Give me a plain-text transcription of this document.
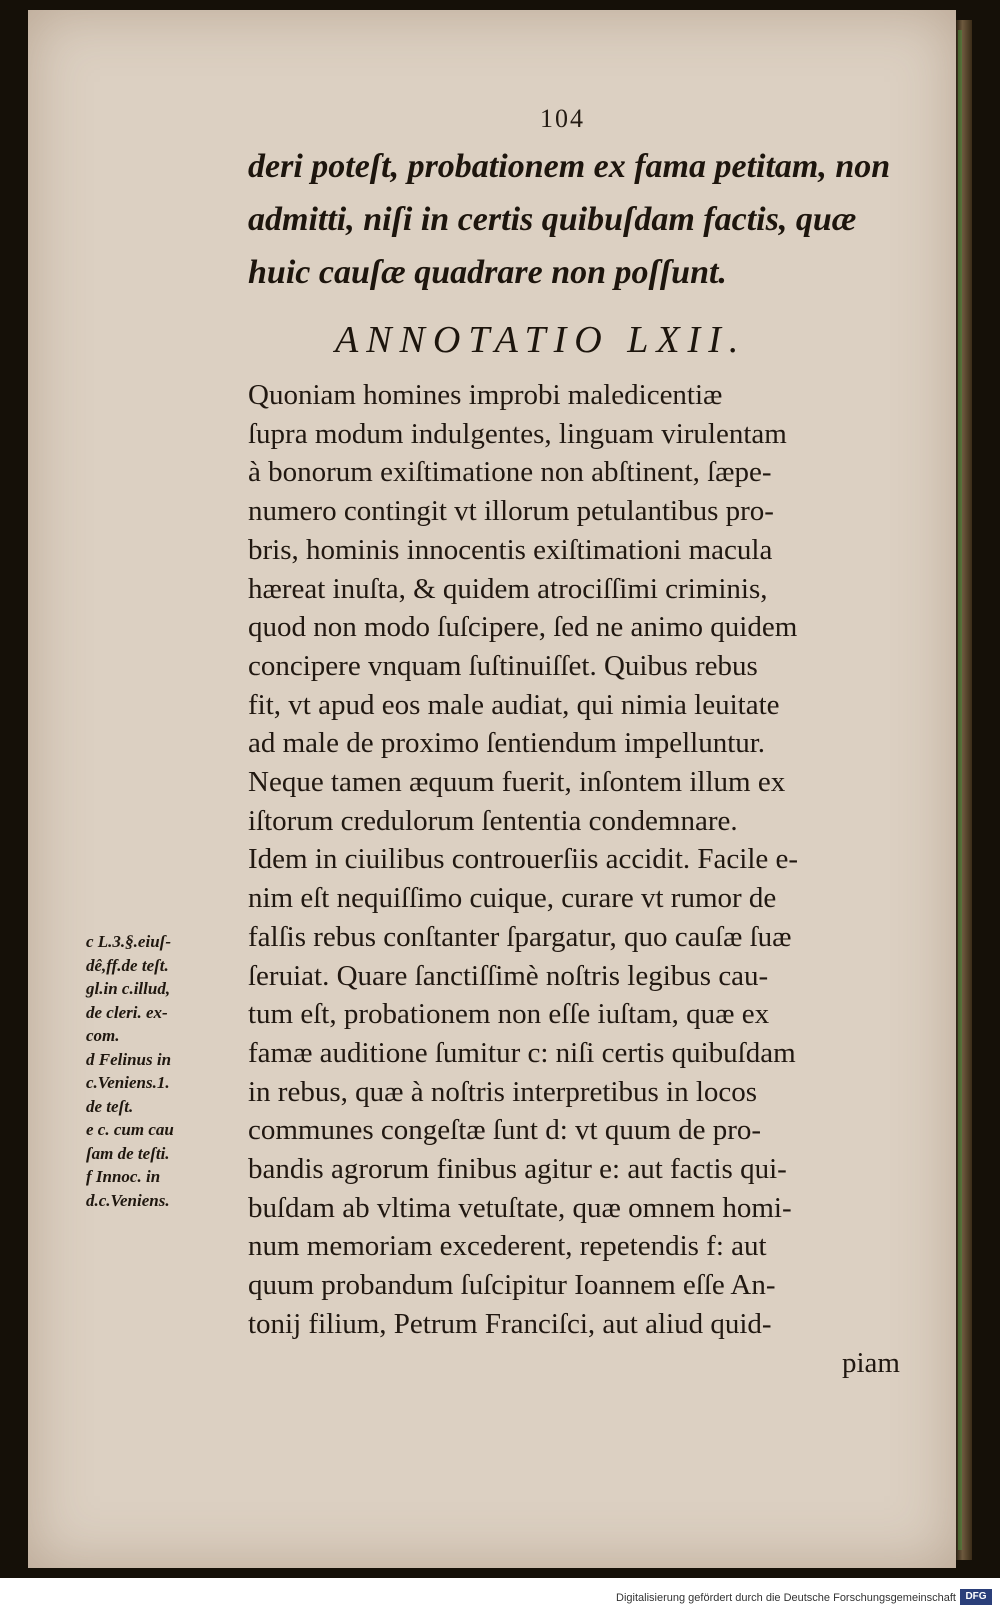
104
deri poteſt, probationem ex fama petitam, non
admitti, niſi in certis quibuſdam factis, quæ
huic cauſæ quadrare non poſſunt.
ANNOTATIO LXII.
Quoniam homines improbi maledicentiæ
ſupra modum indulgentes, linguam virulentam
à bonorum exiſtimatione non abſtinent, ſæpe-
numero contingit vt illorum petulantibus pro-
bris, hominis innocentis exiſtimationi macula
hæreat inuſta, & quidem atrociſſimi criminis,
quod non modo ſuſcipere, ſed ne animo quidem
concipere vnquam ſuſtinuiſſet. Quibus rebus
fit, vt apud eos male audiat, qui nimia leuitate
ad male de proximo ſentiendum impelluntur.
Neque tamen æquum fuerit, inſontem illum ex
iſtorum credulorum ſententia condemnare.
Idem in ciuilibus controuerſiis accidit. Facile e-
nim eſt nequiſſimo cuique, curare vt rumor de
falſis rebus conſtanter ſpargatur, quo cauſæ ſuæ
ſeruiat. Quare ſanctiſſimè noſtris legibus cau-
tum eſt, probationem non eſſe iuſtam, quæ ex
famæ auditione ſumitur c: niſi certis quibuſdam
in rebus, quæ à noſtris interpretibus in locos
communes congeſtæ ſunt d: vt quum de pro-
bandis agrorum finibus agitur e: aut factis qui-
buſdam ab vltima vetuſtate, quæ omnem homi-
num memoriam excederent, repetendis f: aut
quum probandum ſuſcipitur Ioannem eſſe An-
tonij filium, Petrum Franciſci, aut aliud quid-
piam
c L.3.§.eiuſ-
dê,ff.de teſt.
gl.in c.illud,
de cleri. ex-
com.
d Felinus in
c.Veniens.1.
de teſt.
e c. cum cau
ſam de teſti.
f Innoc. in
d.c.Veniens.
Digitalisierung gefördert durch die Deutsche Forschungsgemeinschaft DFG
